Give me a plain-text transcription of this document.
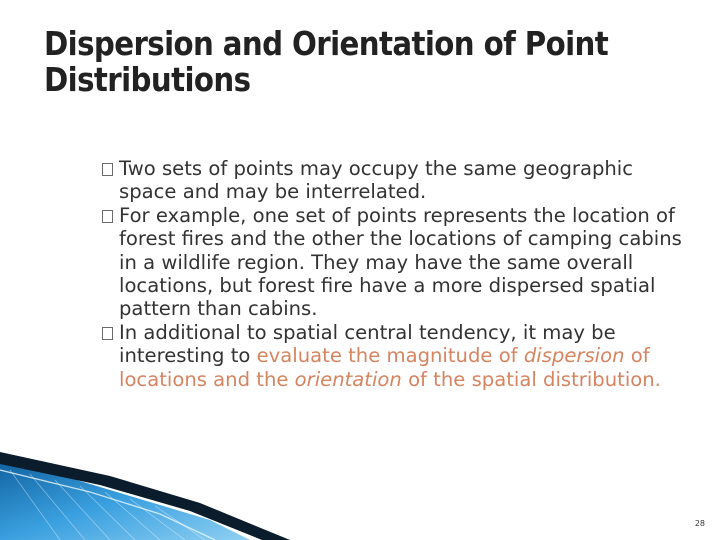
Dispersion and Orientation of Point Distributions
Two sets of points may occupy the same geographic space and may be interrelated.
For example, one set of points represents the location of forest fires and the other the locations of camping cabins in a wildlife region. They may have the same overall locations, but forest fire have a more dispersed spatial pattern than cabins.
In additional to spatial central tendency, it may be interesting to evaluate the magnitude of dispersion of locations and the orientation of the spatial distribution.
28
